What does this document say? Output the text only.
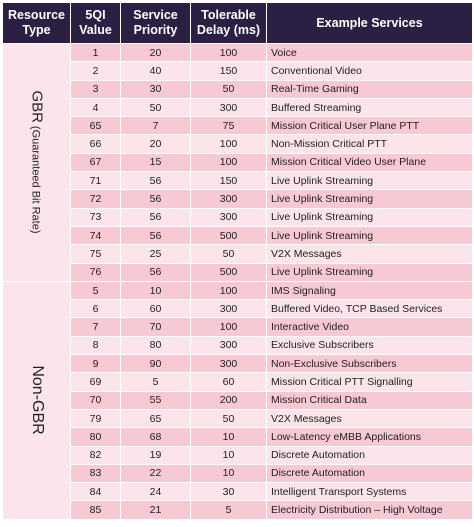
Resource Type	5QI Value	Service Priority	Tolerable Delay (ms)	Example Services

GBR (Guaranteed Bit Rate)	1	20	100	Voice
	2	40	150	Conventional Video
	3	30	50	Real-Time Gaming
	4	50	300	Buffered Streaming
	65	7	75	Mission Critical User Plane PTT
	66	20	100	Non-Mission Critical PTT
	67	15	100	Mission Critical Video User Plane
	71	56	150	Live Uplink Streaming
	72	56	300	Live Uplink Streaming
	73	56	300	Live Uplink Streaming
	74	56	500	Live Uplink Streaming
	75	25	50	V2X Messages
	76	56	500	Live Uplink Streaming

Non-GBR	5	10	100	IMS Signaling
	6	60	300	Buffered Video, TCP Based Services
	7	70	100	Interactive Video
	8	80	300	Exclusive Subscribers
	9	90	300	Non-Exclusive Subscribers
	69	5	60	Mission Critical PTT Signalling
	70	55	200	Mission Critical Data
	79	65	50	V2X Messages
	80	68	10	Low-Latency eMBB Applications
	82	19	10	Discrete Automation
	83	22	10	Discrete Automation
	84	24	30	Intelligent Transport Systems
	85	21	5	Electricity Distribution – High Voltage
